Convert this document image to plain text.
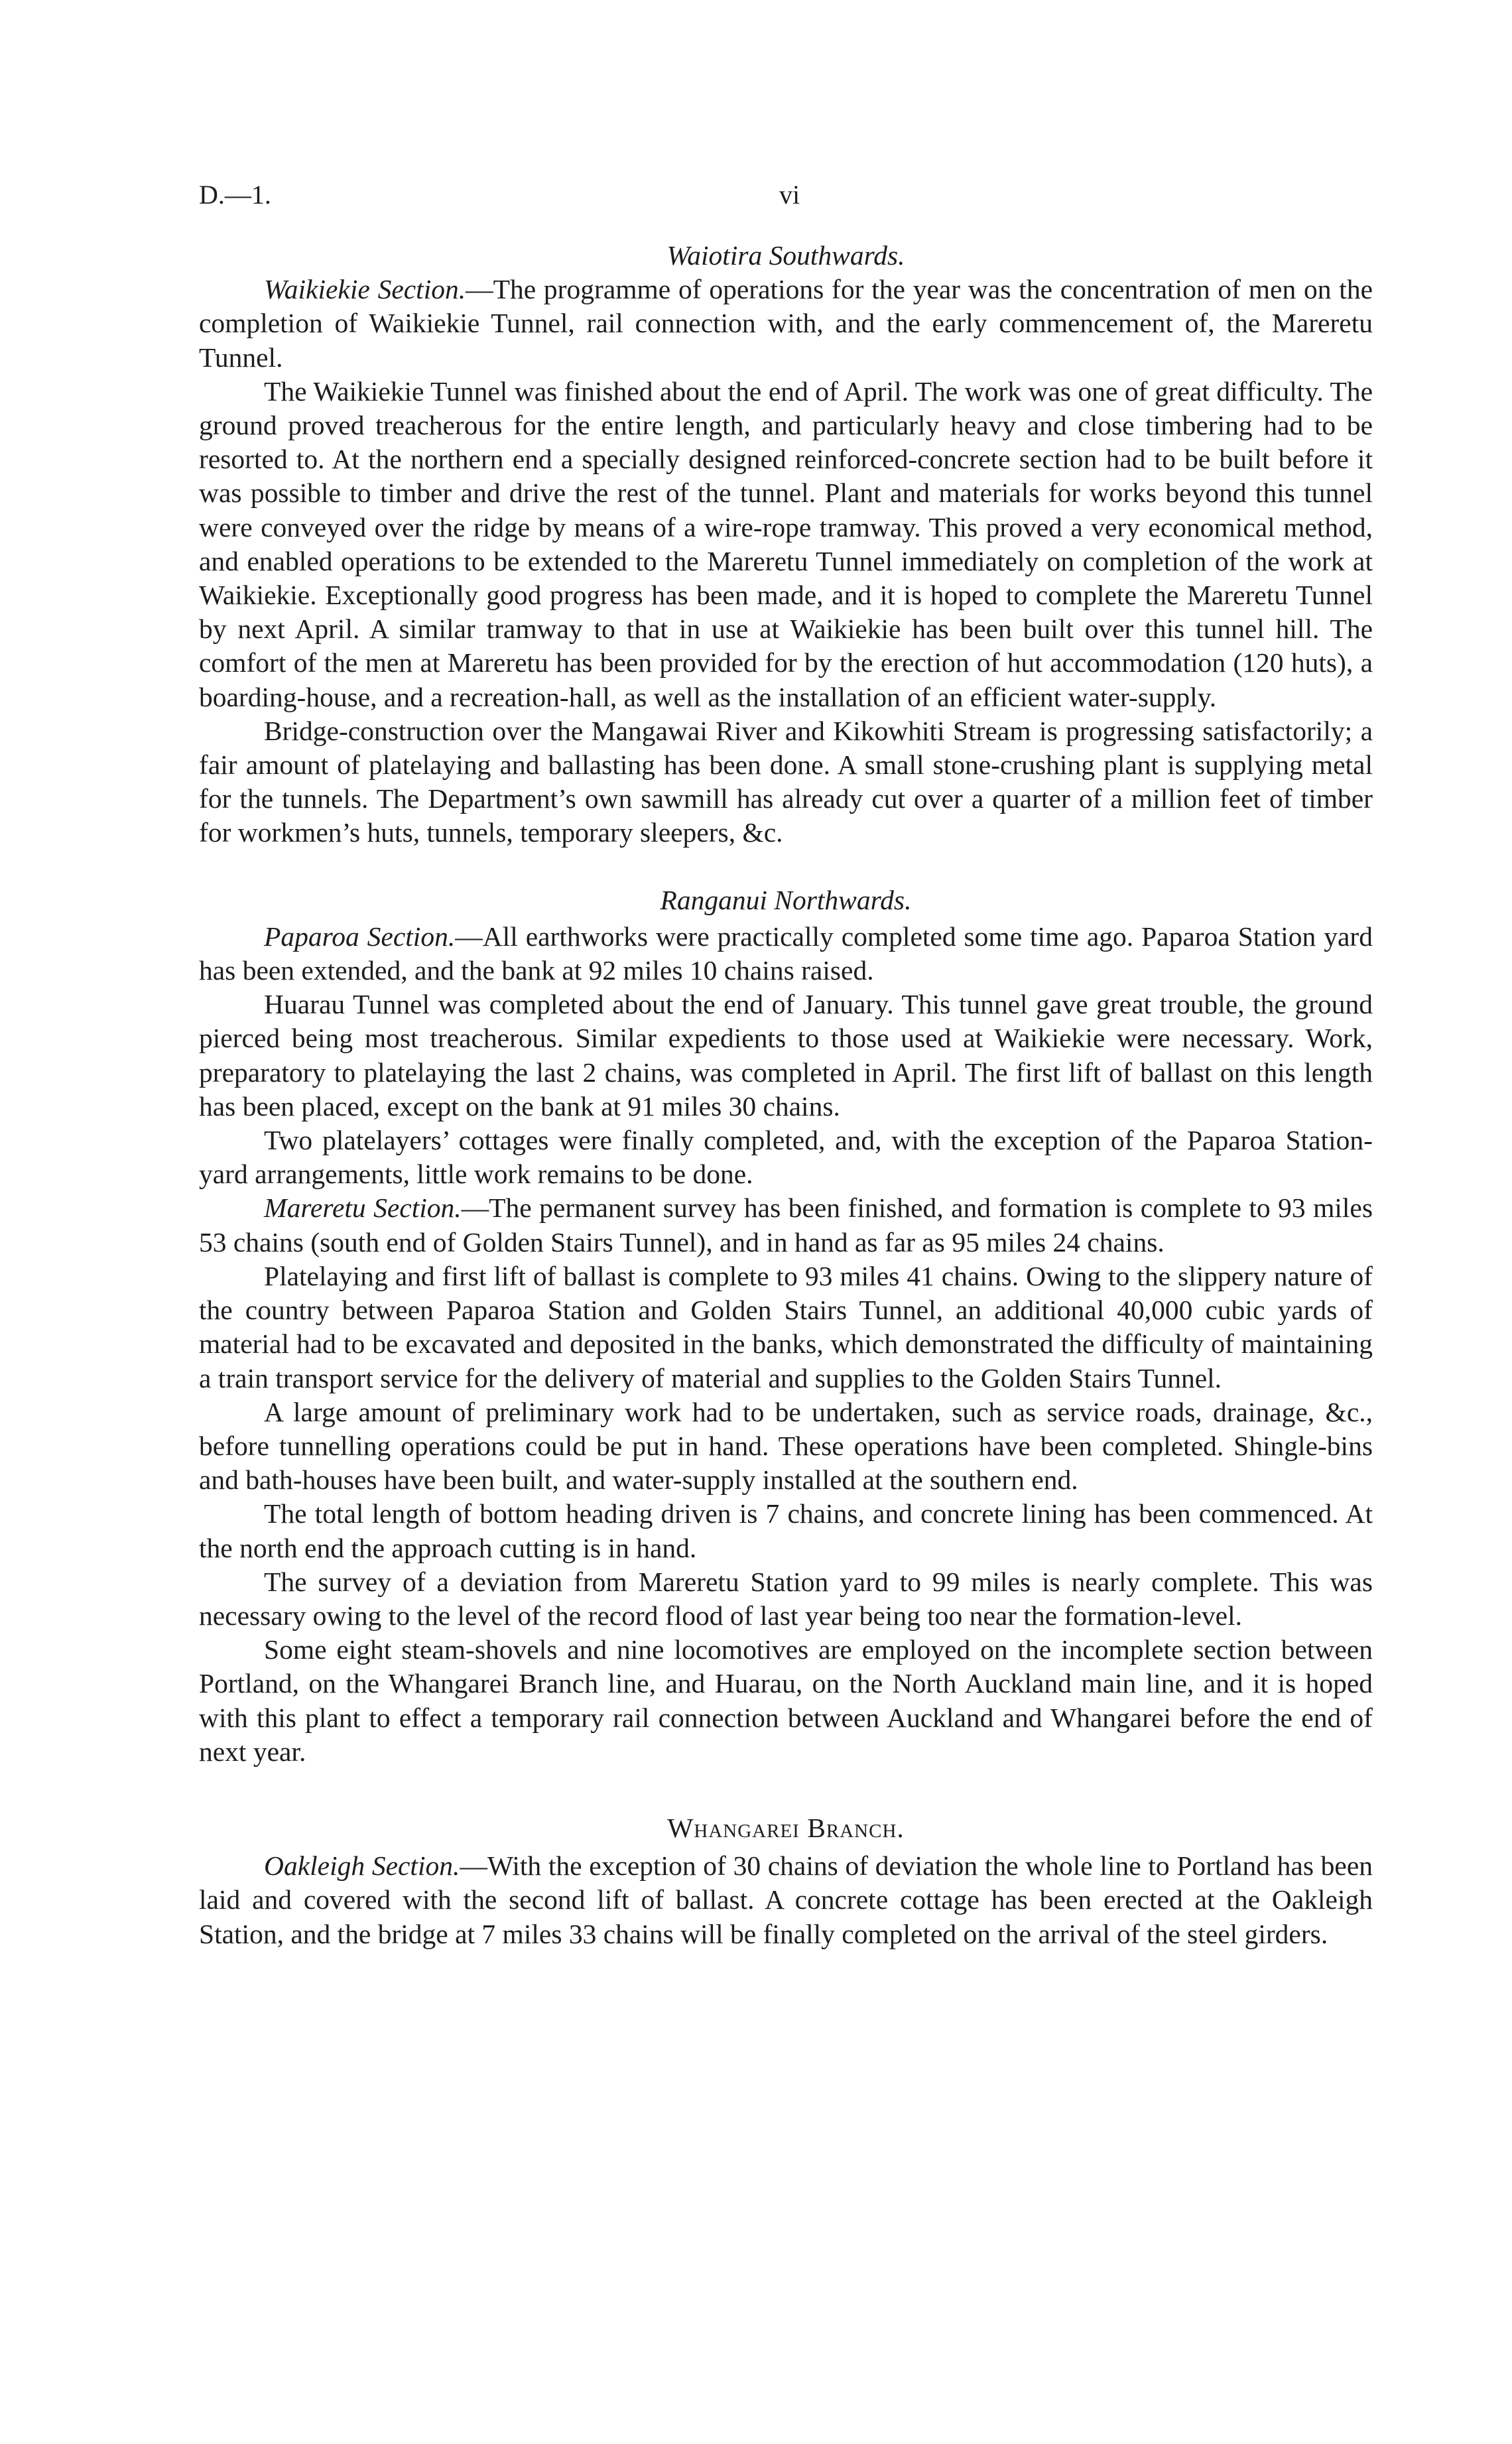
D.—1.	vi
Waiotira Southwards.

Waikiekie Section.—The programme of operations for the year was the concentration of men on the completion of Waikiekie Tunnel, rail connection with, and the early commencement of, the Mareretu Tunnel.

The Waikiekie Tunnel was finished about the end of April. The work was one of great difficulty. The ground proved treacherous for the entire length, and particularly heavy and close timbering had to be resorted to. At the northern end a specially designed reinforced-concrete section had to be built before it was possible to timber and drive the rest of the tunnel. Plant and materials for works beyond this tunnel were conveyed over the ridge by means of a wire-rope tramway. This proved a very economical method, and enabled operations to be extended to the Mareretu Tunnel immediately on completion of the work at Waikiekie. Exceptionally good progress has been made, and it is hoped to complete the Mareretu Tunnel by next April. A similar tramway to that in use at Waikiekie has been built over this tunnel hill. The comfort of the men at Mareretu has been provided for by the erection of hut accommodation (120 huts), a boarding-house, and a recreation-hall, as well as the installation of an efficient water-supply.

Bridge-construction over the Mangawai River and Kikowhiti Stream is progressing satisfactorily; a fair amount of platelaying and ballasting has been done. A small stone-crushing plant is supplying metal for the tunnels. The Department’s own sawmill has already cut over a quarter of a million feet of timber for workmen’s huts, tunnels, temporary sleepers, &c.

Ranganui Northwards.

Paparoa Section.—All earthworks were practically completed some time ago. Paparoa Station yard has been extended, and the bank at 92 miles 10 chains raised.

Huarau Tunnel was completed about the end of January. This tunnel gave great trouble, the ground pierced being most treacherous. Similar expedients to those used at Waikiekie were necessary. Work, preparatory to platelaying the last 2 chains, was completed in April. The first lift of ballast on this length has been placed, except on the bank at 91 miles 30 chains.

Two platelayers’ cottages were finally completed, and, with the exception of the Paparoa Station-yard arrangements, little work remains to be done.

Mareretu Section.—The permanent survey has been finished, and formation is complete to 93 miles 53 chains (south end of Golden Stairs Tunnel), and in hand as far as 95 miles 24 chains.

Platelaying and first lift of ballast is complete to 93 miles 41 chains. Owing to the slippery nature of the country between Paparoa Station and Golden Stairs Tunnel, an additional 40,000 cubic yards of material had to be excavated and deposited in the banks, which demonstrated the difficulty of maintaining a train transport service for the delivery of material and supplies to the Golden Stairs Tunnel.

A large amount of preliminary work had to be undertaken, such as service roads, drainage, &c., before tunnelling operations could be put in hand. These operations have been completed. Shingle-bins and bath-houses have been built, and water-supply installed at the southern end.

The total length of bottom heading driven is 7 chains, and concrete lining has been commenced. At the north end the approach cutting is in hand.

The survey of a deviation from Mareretu Station yard to 99 miles is nearly complete. This was necessary owing to the level of the record flood of last year being too near the formation-level.

Some eight steam-shovels and nine locomotives are employed on the incomplete section between Portland, on the Whangarei Branch line, and Huarau, on the North Auckland main line, and it is hoped with this plant to effect a temporary rail connection between Auckland and Whangarei before the end of next year.

Whangarei Branch.

Oakleigh Section.—With the exception of 30 chains of deviation the whole line to Portland has been laid and covered with the second lift of ballast. A concrete cottage has been erected at the Oakleigh Station, and the bridge at 7 miles 33 chains will be finally completed on the arrival of the steel girders.
